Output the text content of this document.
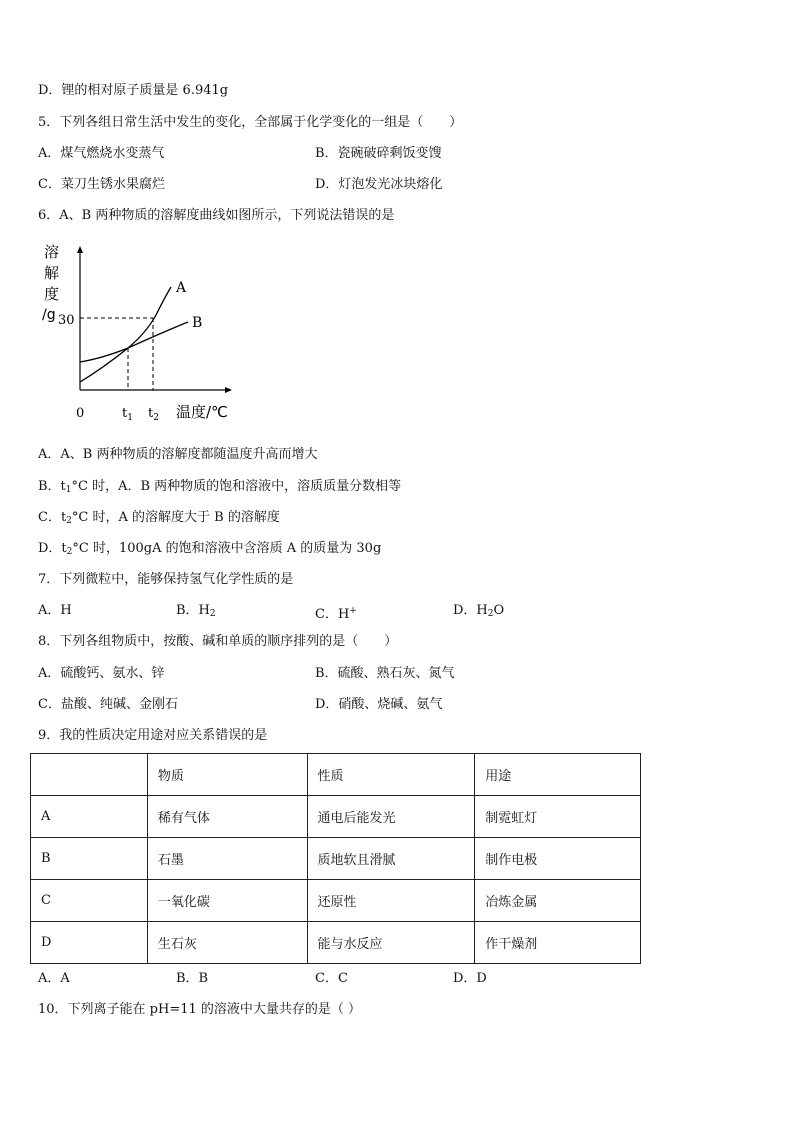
D．锂的相对原子质量是 6.941g
5．下列各组日常生活中发生的变化，全部属于化学变化的一组是（　　）
A．煤气燃烧水变蒸气	B．瓷碗破碎剩饭变馊
C．菜刀生锈水果腐烂	D．灯泡发光冰块熔化
6．A、B 两种物质的溶解度曲线如图所示，下列说法错误的是
溶
解
度
/g 30
A
B
0	$t_1$ $t_2$ 温度/℃
A．A、B 两种物质的溶解度都随温度升高而增大
B．$t_1^\circ C$ 时，A．B 两种物质的饱和溶液中，溶质质量分数相等
C．$t_2^\circ C$ 时，A 的溶解度大于 B 的溶解度
D．$t_2^\circ C$ 时，100gA 的饱和溶液中含溶质 A 的质量为 30g
7．下列微粒中，能够保持氢气化学性质的是
A．H	B．$H_2$	C．H+	D．$H_2O$
8．下列各组物质中，按酸、碱和单质的顺序排列的是（　　）
A．硫酸钙、氨水、锌	B．硫酸、熟石灰、氮气
C．盐酸、纯碱、金刚石	D．硝酸、烧碱、氨气
9．我的性质决定用途对应关系错误的是
	物质	性质	用途
A	稀有气体	通电后能发光	制霓虹灯
B	石墨	质地软且滑腻	制作电极
C	一氧化碳	还原性	冶炼金属
D	生石灰	能与水反应	作干燥剂
A．A	B．B	C．C	D．D
10．下列离子能在 pH=11 的溶液中大量共存的是（ ）
